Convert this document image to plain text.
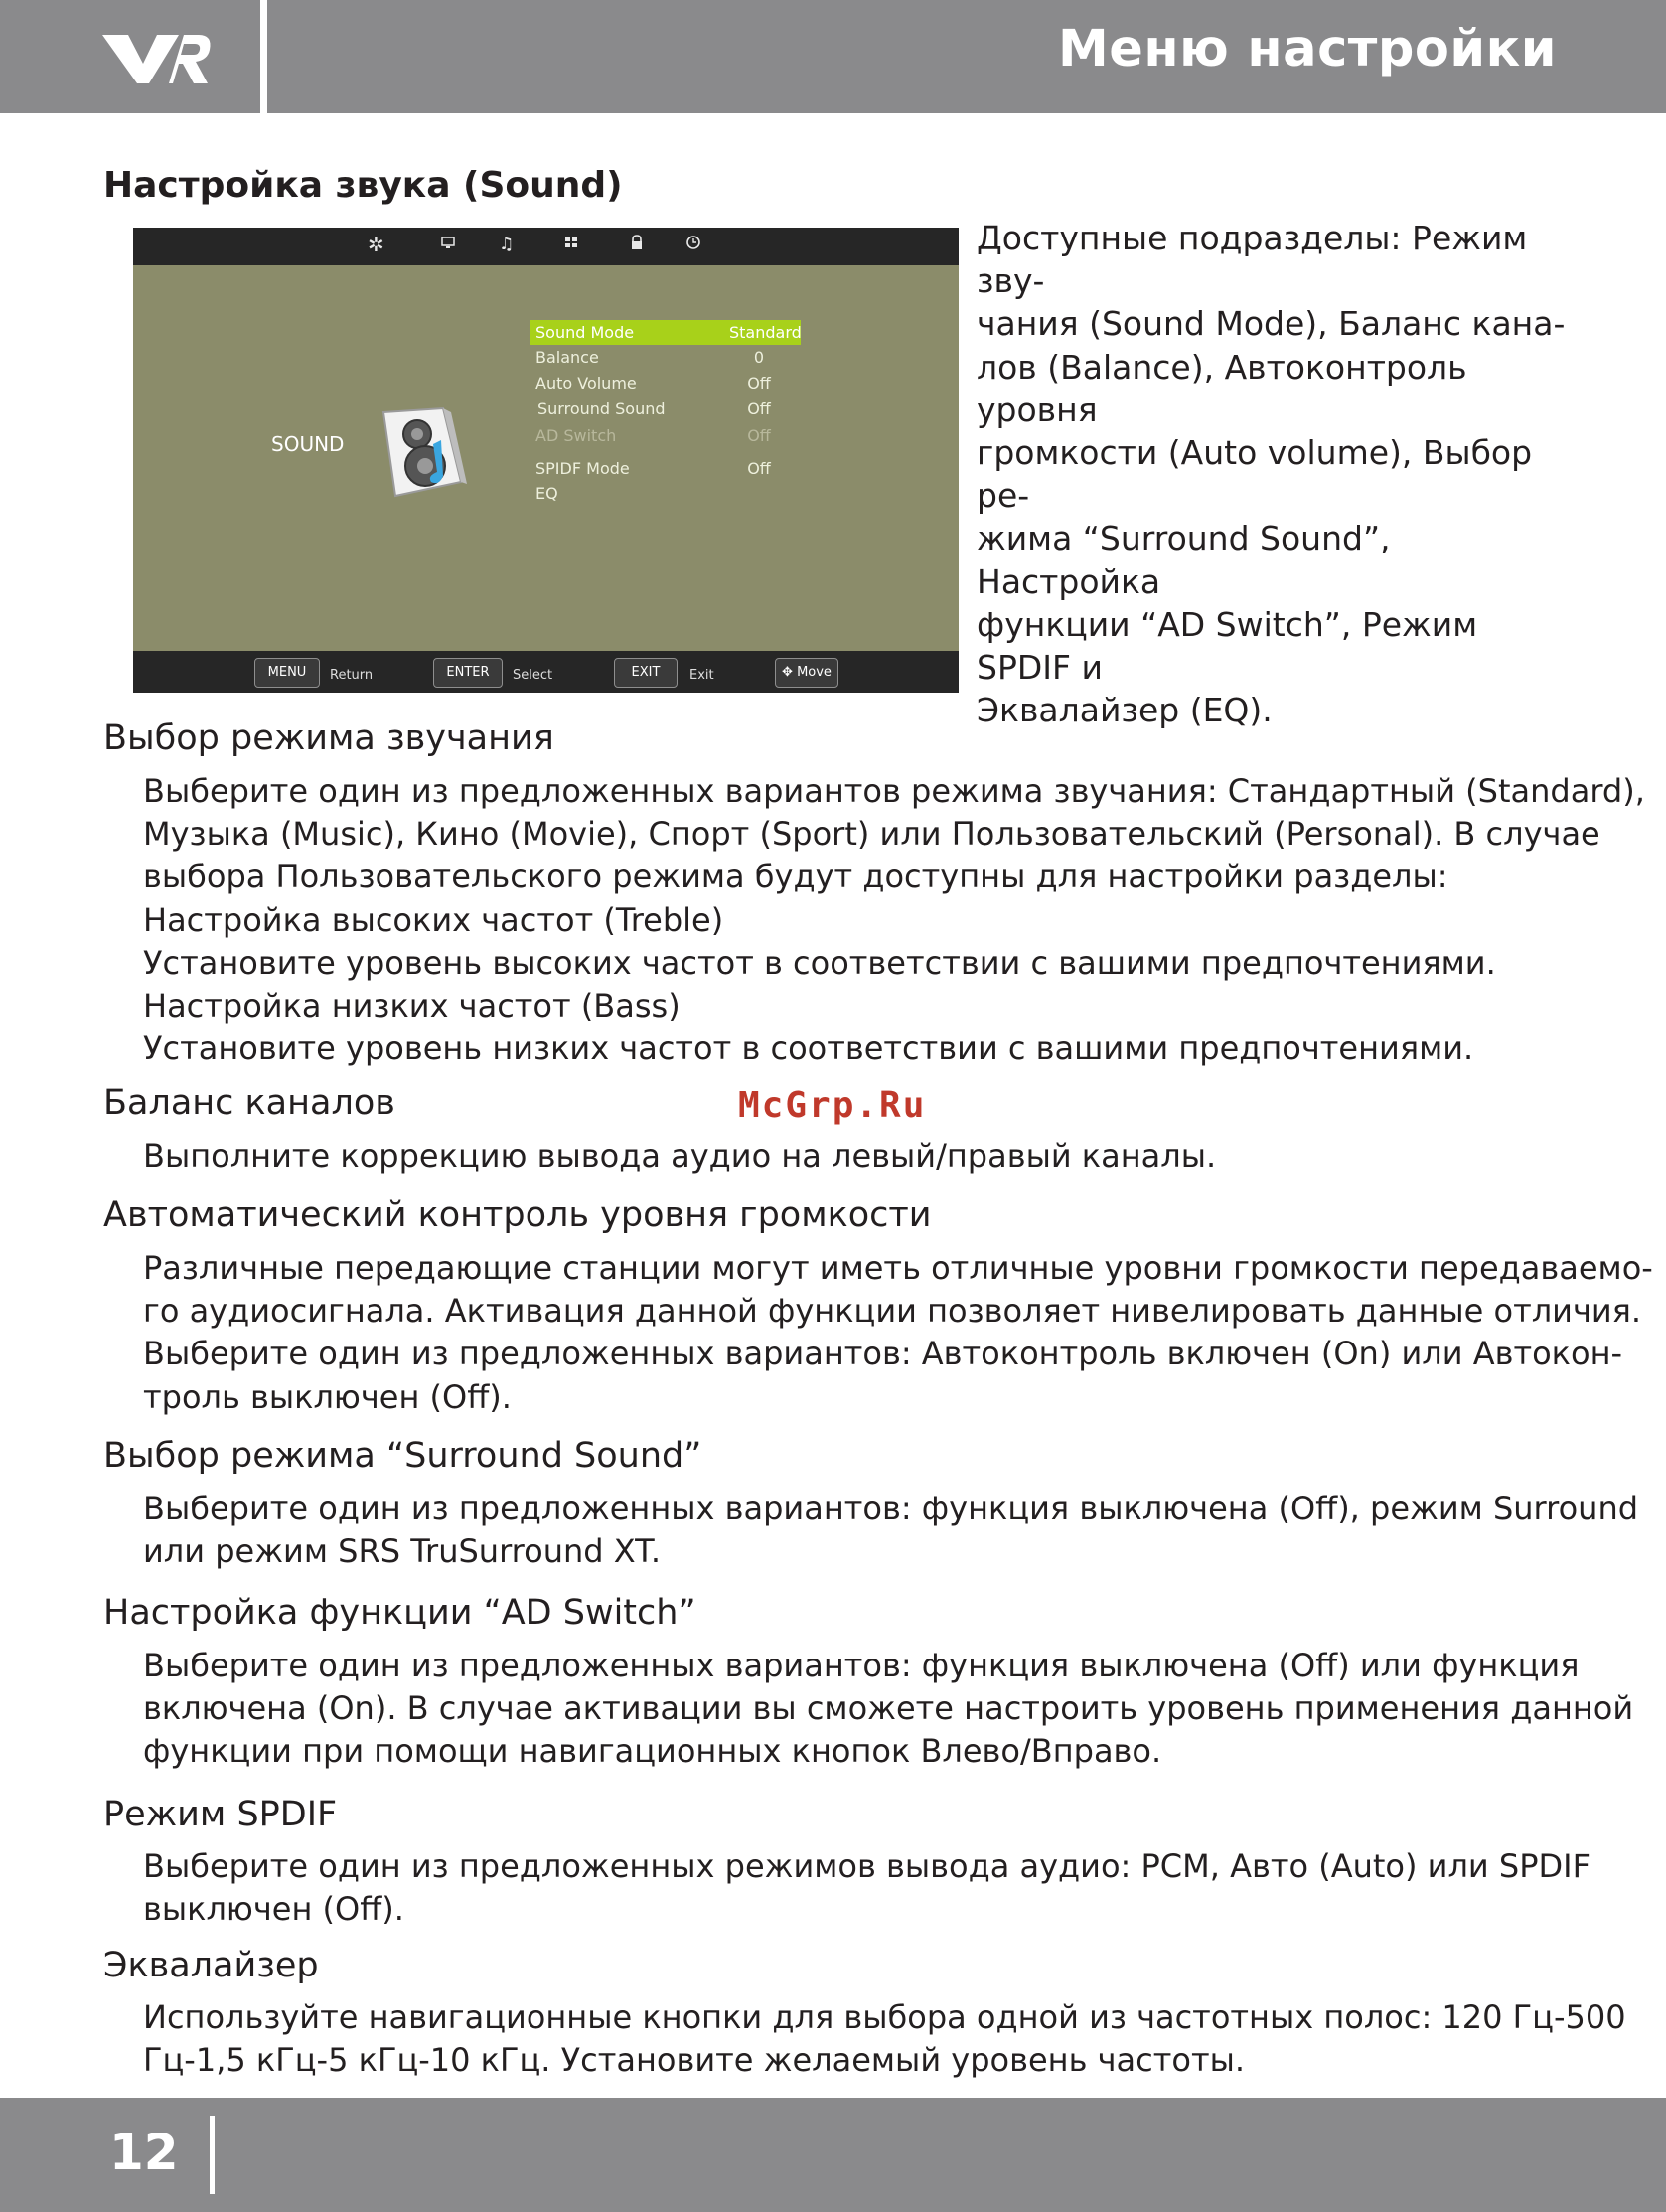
Меню настройки
Настройка звука (Sound)
✲	♫
SOUND
Sound Mode	Standard
Balance	0
Auto Volume	Off
Surround Sound	Off
AD Switch	Off
SPIDF Mode	Off
EQ
MENU	Return	ENTER	Select	EXIT	Exit	✥ Move
Доступные подразделы: Режим зву-
чания (Sound Mode), Баланс кана-
лов (Balance), Автоконтроль уровня
громкости (Auto volume), Выбор ре-
жима “Surround Sound”, Настройка
функции “AD Switch”, Режим SPDIF и
Эквалайзер (EQ).
Выбор режима звучания
Выберите один из предложенных вариантов режима звучания: Стандартный (Standard),
Музыка (Music), Кино (Movie), Спорт (Sport) или Пользовательский (Personal). В случае
выбора Пользовательского режима будут доступны для настройки разделы:
Настройка высоких частот (Treble)
Установите уровень высоких частот в соответствии с вашими предпочтениями.
Настройка низких частот (Bass)
Установите уровень низких частот в соответствии с вашими предпочтениями.
Баланс каналов
Выполните коррекцию вывода аудио на левый/правый каналы.
McGrp.Ru
Автоматический контроль уровня громкости
Различные передающие станции могут иметь отличные уровни громкости передаваемо-
го аудиосигнала. Активация данной функции позволяет нивелировать данные отличия.
Выберите один из предложенных вариантов: Автоконтроль включен (On) или Автокон-
троль выключен (Off).
Выбор режима “Surround Sound”
Выберите один из предложенных вариантов: функция выключена (Off), режим Surround
или режим SRS TruSurround XT.
Настройка функции “AD Switch”
Выберите один из предложенных вариантов: функция выключена (Off) или функция
включена (On). В случае активации вы сможете настроить уровень применения данной
функции при помощи навигационных кнопок Влево/Вправо.
Режим SPDIF
Выберите один из предложенных режимов вывода аудио: PCM, Авто (Auto) или SPDIF
выключен (Off).
Эквалайзер
Используйте навигационные кнопки для выбора одной из частотных полос: 120 Гц-500
Гц-1,5 кГц-5 кГц-10 кГц. Установите желаемый уровень частоты.
12
